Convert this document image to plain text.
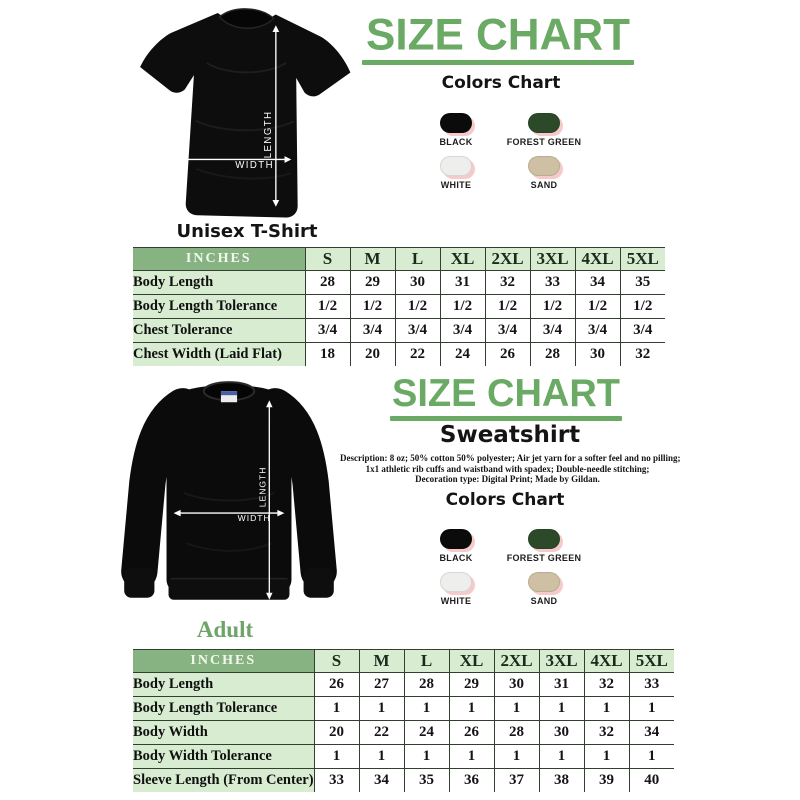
LENGTH
WIDTH
Unisex T-Shirt
SIZE CHART
Colors Chart
BLACK	FOREST GREEN
WHITE	SAND
INCHES	S	M	L	XL	2XL	3XL	4XL	5XL
Body Length	28	29	30	31	32	33	34	35
Body Length Tolerance	1/2	1/2	1/2	1/2	1/2	1/2	1/2	1/2
Chest Tolerance	3/4	3/4	3/4	3/4	3/4	3/4	3/4	3/4
Chest Width (Laid Flat)	18	20	22	24	26	28	30	32
LENGTH
WIDTH
Adult
SIZE CHART
Sweatshirt
Description: 8 oz; 50% cotton 50% polyester; Air jet yarn for a softer feel and no pilling;
1x1 athletic rib cuffs and waistband with spadex; Double-needle stitching;
Decoration type: Digital Print; Made by Gildan.
Colors Chart
BLACK	FOREST GREEN
WHITE	SAND
INCHES	S	M	L	XL	2XL	3XL	4XL	5XL
Body Length	26	27	28	29	30	31	32	33
Body Length Tolerance	1	1	1	1	1	1	1	1
Body Width	20	22	24	26	28	30	32	34
Body Width Tolerance	1	1	1	1	1	1	1	1
Sleeve Length (From Center)	33	34	35	36	37	38	39	40
